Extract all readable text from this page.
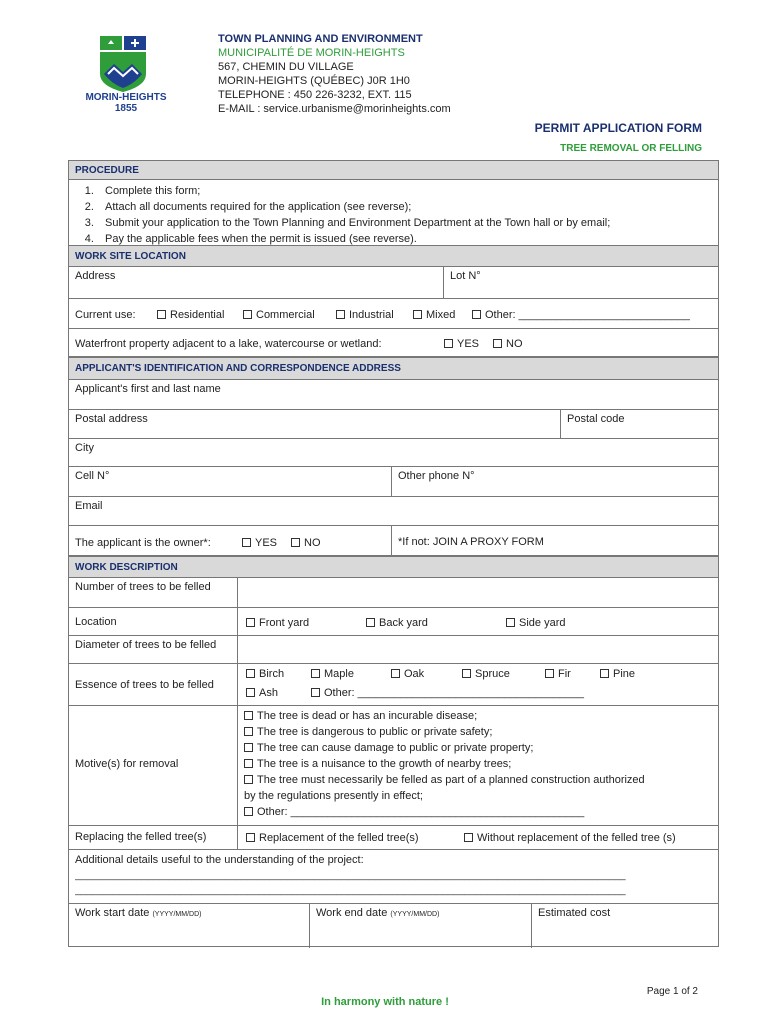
MORIN-HEIGHTS
1855
TOWN PLANNING AND ENVIRONMENT
MUNICIPALITÉ DE MORIN-HEIGHTS
567, CHEMIN DU VILLAGE
MORIN-HEIGHTS (QUÉBEC) J0R 1H0
TELEPHONE : 450 226-3232, EXT. 115
E-MAIL : service.urbanisme@morinheights.com
PERMIT APPLICATION FORM
TREE REMOVAL OR FELLING
PROCEDURE
1. Complete this form;
2. Attach all documents required for the application (see reverse);
3. Submit your application to the Town Planning and Environment Department at the Town hall or by email;
4. Pay the applicable fees when the permit is issued (see reverse).
WORK SITE LOCATION
Address	Lot N°
Current use:	Residential	Commercial	Industrial	Mixed	Other: ____________________________
Waterfront property adjacent to a lake, watercourse or wetland:	YES	NO
APPLICANT'S IDENTIFICATION AND CORRESPONDENCE ADDRESS
Applicant's first and last name
Postal address	Postal code
City
Cell N°	Other phone N°
Email
The applicant is the owner*:	YES	NO	*If not: JOIN A PROXY FORM
WORK DESCRIPTION
Number of trees to be felled
Location	Front yard	Back yard	Side yard
Diameter of trees to be felled
Essence of trees to be felled
Birch	Maple	Oak	Spruce	Fir	Pine
Ash	Other: _____________________________________
Motive(s) for removal
The tree is dead or has an incurable disease;
The tree is dangerous to public or private safety;
The tree can cause damage to public or private property;
The tree is a nuisance to the growth of nearby trees;
The tree must necessarily be felled as part of a planned construction authorized
by the regulations presently in effect;
Other: ________________________________________________
Replacing the felled tree(s)	Replacement of the felled tree(s)	Without replacement of the felled tree (s)
Additional details useful to the understanding of the project:
___________________________________________________________________________________________________
___________________________________________________________________________________________________
Work start date (YYYY/MM/DD)	Work end date (YYYY/MM/DD)	Estimated cost
Page 1 of 2
In harmony with nature !
